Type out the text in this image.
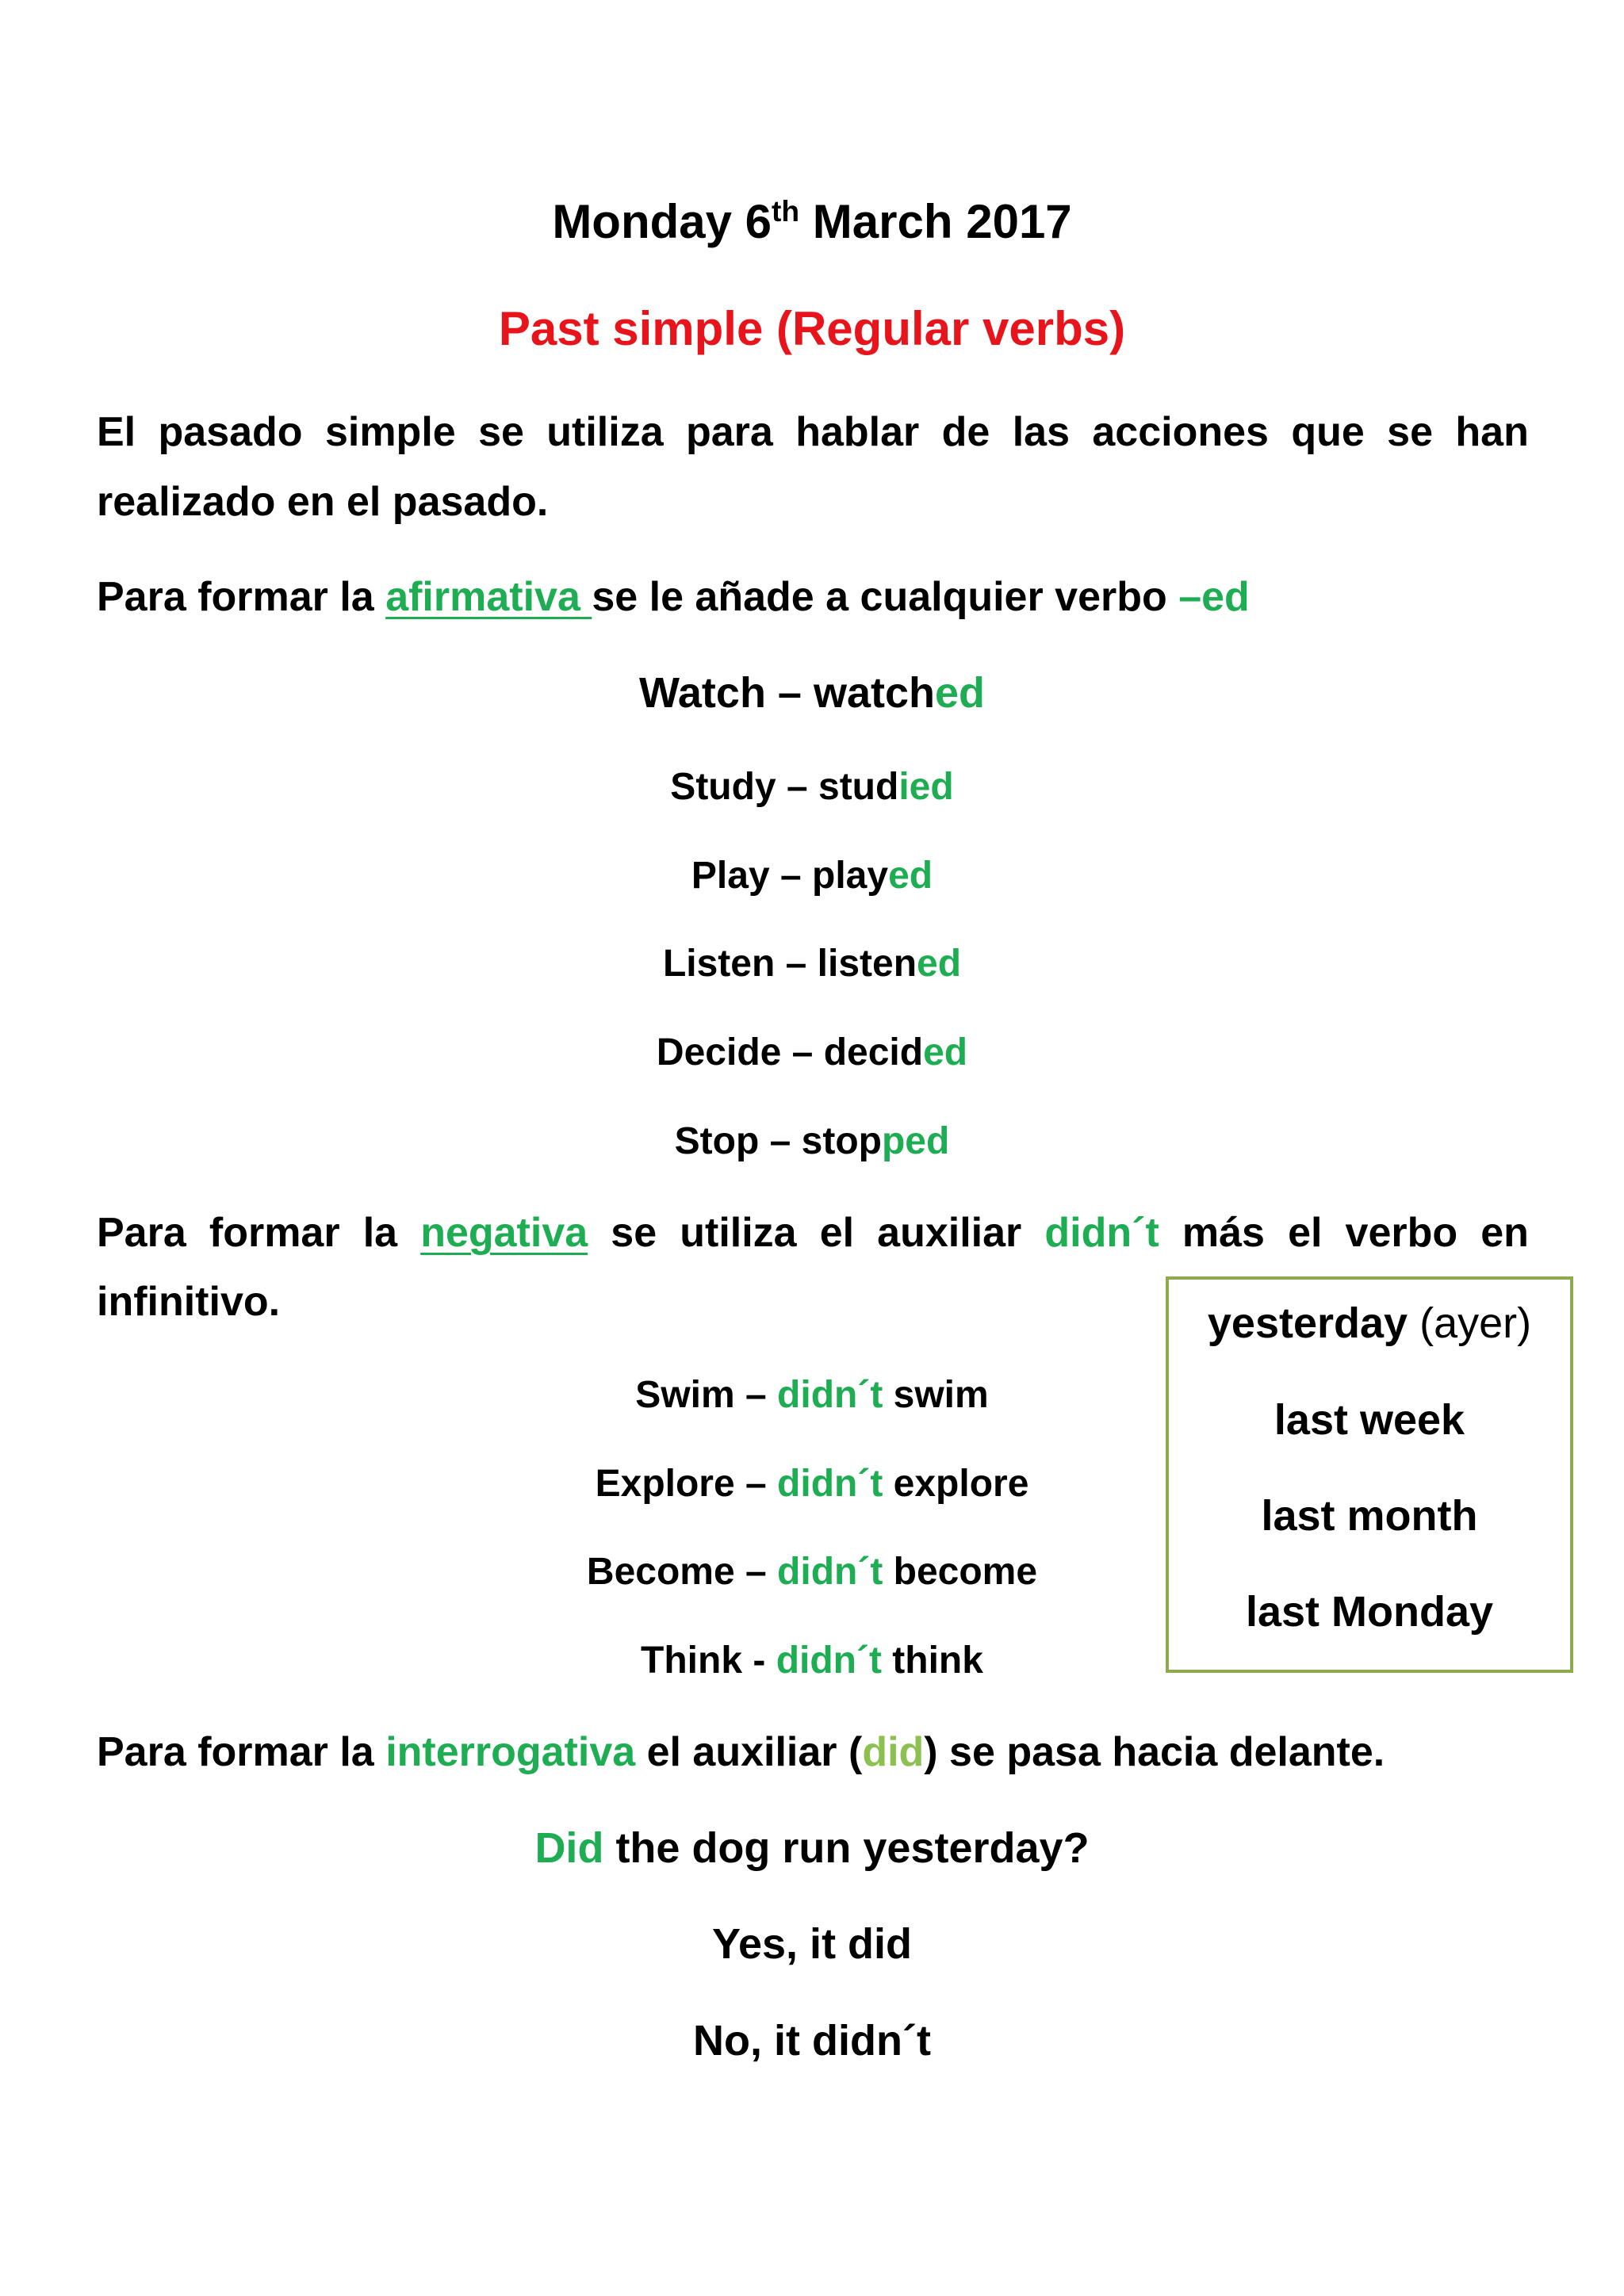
Monday 6th March 2017
Past simple (Regular verbs)
El pasado simple se utiliza para hablar de las acciones que se han
realizado en el pasado.
Para formar la afirmativa se le añade a cualquier verbo –ed
Watch – watched
Study – studied
Play – played
Listen – listened
Decide – decided
Stop – stopped
Para formar la negativa se utiliza el auxiliar didn´t más el verbo en
infinitivo.
Swim – didn´t swim
Explore – didn´t explore
Become – didn´t become
Think - didn´t think
yesterday (ayer)
last week
last month
last Monday
Para formar la interrogativa el auxiliar (did) se pasa hacia delante.
Did the dog run yesterday?
Yes, it did
No, it didn´t
